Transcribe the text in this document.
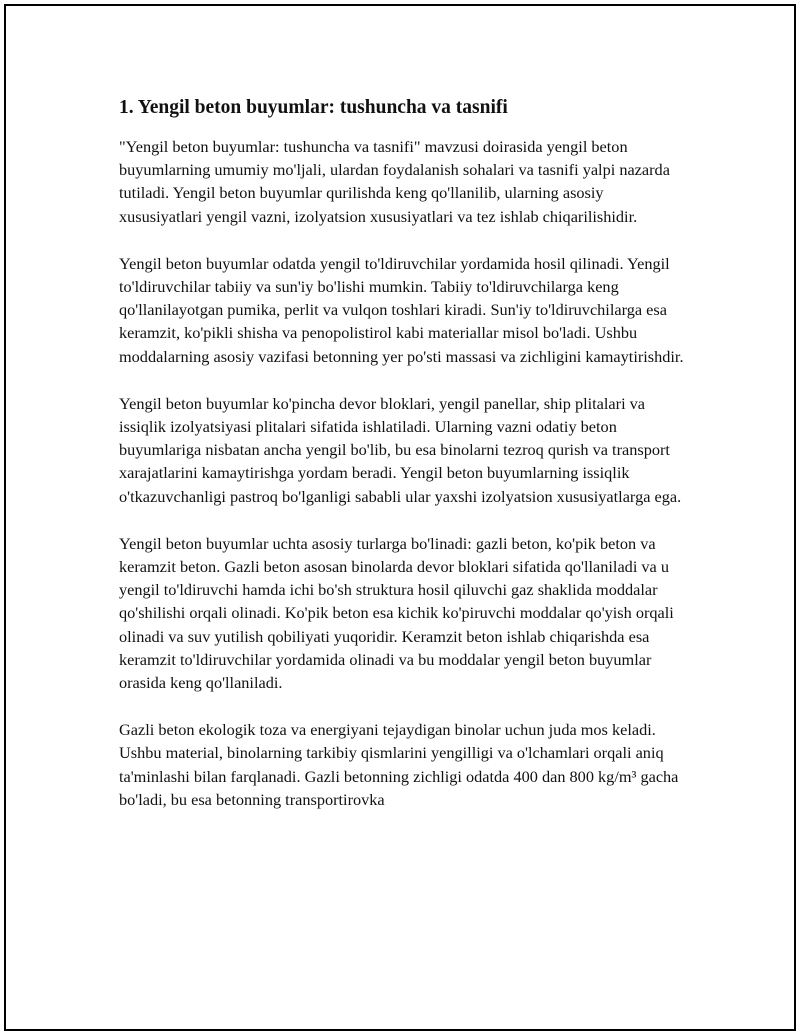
1. Yengil beton buyumlar: tushuncha va tasnifi

"Yengil beton buyumlar: tushuncha va tasnifi" mavzusi doirasida yengil beton buyumlarning umumiy mo'ljali, ulardan foydalanish sohalari va tasnifi yalpi nazarda tutiladi. Yengil beton buyumlar qurilishda keng qo'llanilib, ularning asosiy xususiyatlari yengil vazni, izolyatsion xususiyatlari va tez ishlab chiqarilishidir.

Yengil beton buyumlar odatda yengil to'ldiruvchilar yordamida hosil qilinadi. Yengil to'ldiruvchilar tabiiy va sun'iy bo'lishi mumkin. Tabiiy to'ldiruvchilarga keng qo'llanilayotgan pumika, perlit va vulqon toshlari kiradi. Sun'iy to'ldiruvchilarga esa keramzit, ko'pikli shisha va penopolistirol kabi materiallar misol bo'ladi. Ushbu moddalarning asosiy vazifasi betonning yer po'sti massasi va zichligini kamaytirishdir.

Yengil beton buyumlar ko'pincha devor bloklari, yengil panellar, ship plitalari va issiqlik izolyatsiyasi plitalari sifatida ishlatiladi. Ularning vazni odatiy beton buyumlariga nisbatan ancha yengil bo'lib, bu esa binolarni tezroq qurish va transport xarajatlarini kamaytirishga yordam beradi. Yengil beton buyumlarning issiqlik o'tkazuvchanligi pastroq bo'lganligi sababli ular yaxshi izolyatsion xususiyatlarga ega.

Yengil beton buyumlar uchta asosiy turlarga bo'linadi: gazli beton, ko'pik beton va keramzit beton. Gazli beton asosan binolarda devor bloklari sifatida qo'llaniladi va u yengil to'ldiruvchi hamda ichi bo'sh struktura hosil qiluvchi gaz shaklida moddalar qo'shilishi orqali olinadi. Ko'pik beton esa kichik ko'piruvchi moddalar qo'yish orqali olinadi va suv yutilish qobiliyati yuqoridir. Keramzit beton ishlab chiqarishda esa keramzit to'ldiruvchilar yordamida olinadi va bu moddalar yengil beton buyumlar orasida keng qo'llaniladi.

Gazli beton ekologik toza va energiyani tejaydigan binolar uchun juda mos keladi. Ushbu material, binolarning tarkibiy qismlarini yengilligi va o'lchamlari orqali aniq ta'minlashi bilan farqlanadi. Gazli betonning zichligi odatda 400 dan 800 kg/m³ gacha bo'ladi, bu esa betonning transportirovka
